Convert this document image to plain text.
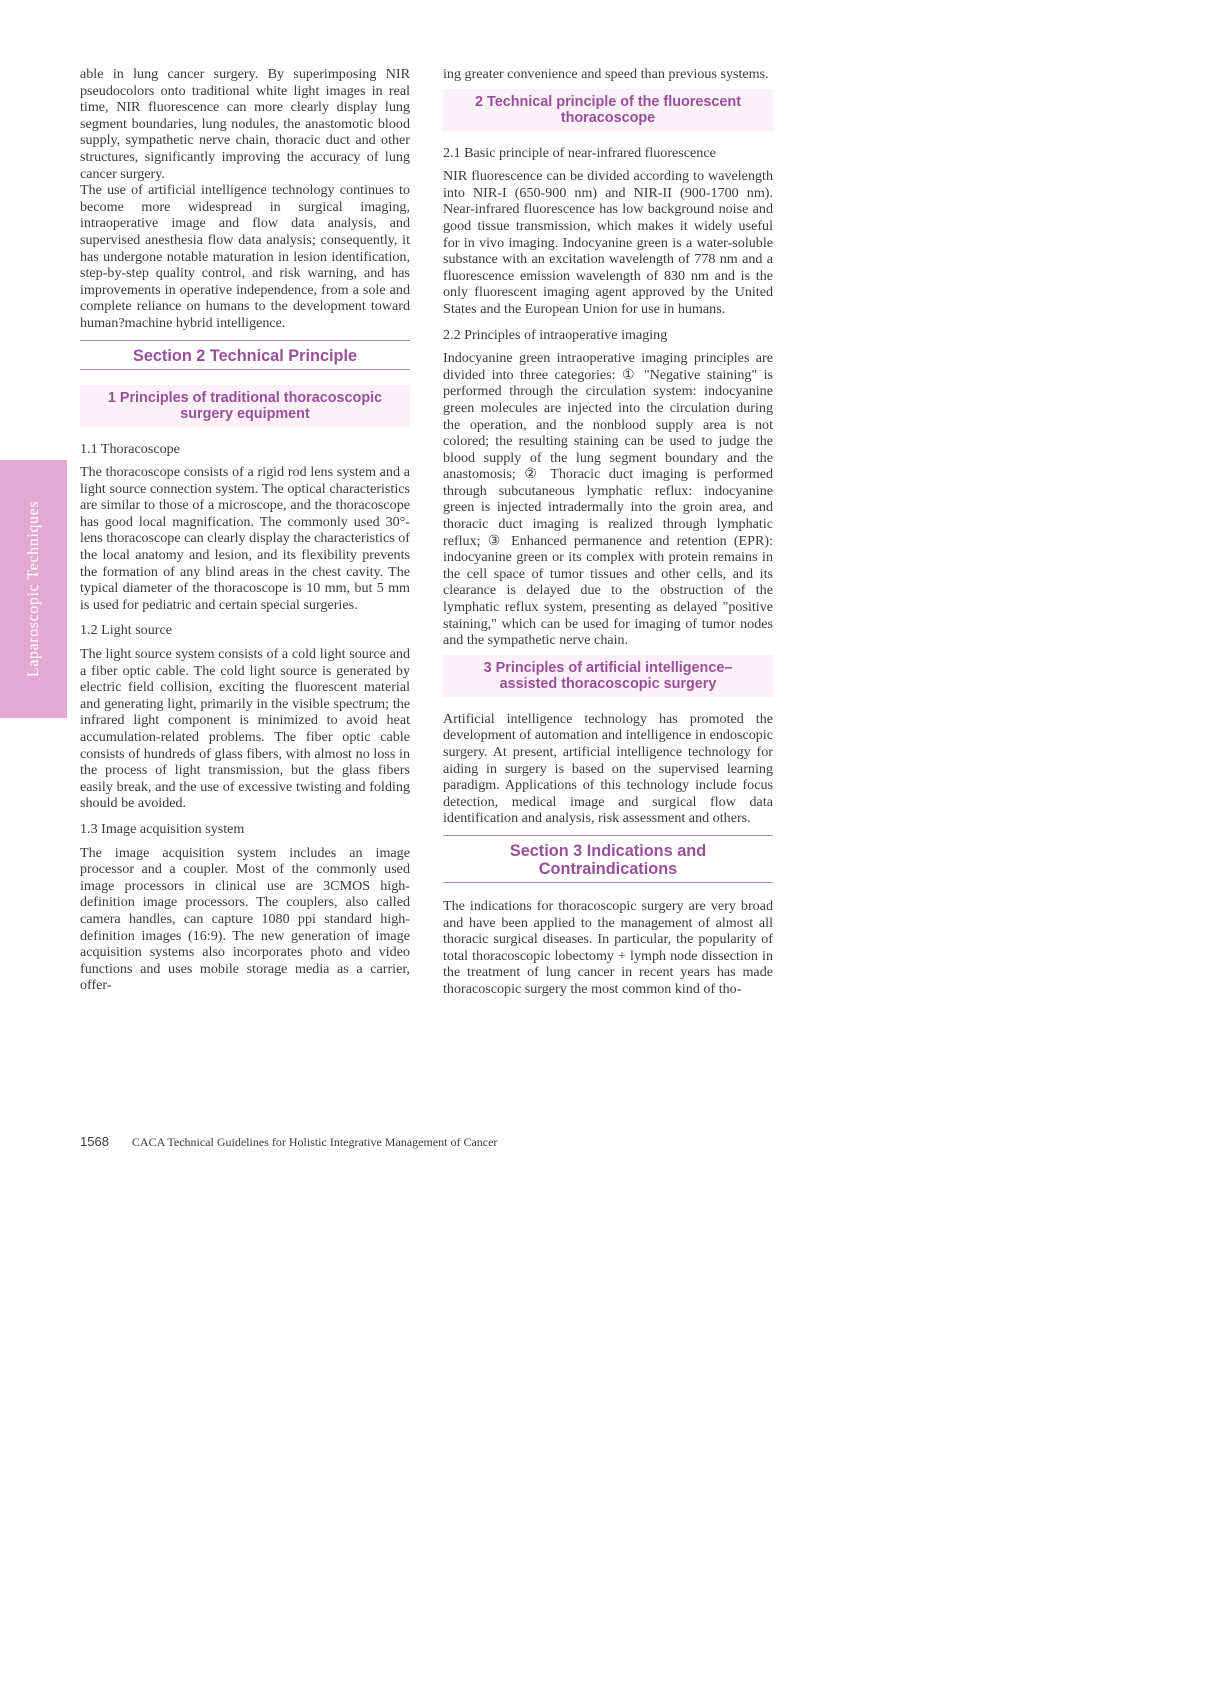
Laparoscopic Techniques

able in lung cancer surgery. By superimposing NIR pseudocolors onto traditional white light images in real time, NIR fluorescence can more clearly display lung segment boundaries, lung nodules, the anastomotic blood supply, sympathetic nerve chain, thoracic duct and other structures, significantly improving the accuracy of lung cancer surgery.

The use of artificial intelligence technology continues to become more widespread in surgical imaging, intraoperative image and flow data analysis, and supervised anesthesia flow data analysis; consequently, it has undergone notable maturation in lesion identification, step-by-step quality control, and risk warning, and has improvements in operative independence, from a sole and complete reliance on humans to the development toward human?machine hybrid intelligence.

Section 2 Technical Principle
1 Principles of traditional thoracoscopic surgery equipment
1.1 Thoracoscope

The thoracoscope consists of a rigid rod lens system and a light source connection system. The optical characteristics are similar to those of a microscope, and the thoracoscope has good local magnification. The commonly used 30°-lens thoracoscope can clearly display the characteristics of the local anatomy and lesion, and its flexibility prevents the formation of any blind areas in the chest cavity. The typical diameter of the thoracoscope is 10 mm, but 5 mm is used for pediatric and certain special surgeries.

1.2 Light source

The light source system consists of a cold light source and a fiber optic cable. The cold light source is generated by electric field collision, exciting the fluorescent material and generating light, primarily in the visible spectrum; the infrared light component is minimized to avoid heat accumulation-related problems. The fiber optic cable consists of hundreds of glass fibers, with almost no loss in the process of light transmission, but the glass fibers easily break, and the use of excessive twisting and folding should be avoided.

1.3 Image acquisition system

The image acquisition system includes an image processor and a coupler. Most of the commonly used image processors in clinical use are 3CMOS high-definition image processors. The couplers, also called camera handles, can capture 1080 ppi standard high-definition images (16:9). The new generation of image acquisition systems also incorporates photo and video functions and uses mobile storage media as a carrier, offer-

ing greater convenience and speed than previous systems.

2 Technical principle of the fluorescent thoracoscope
2.1 Basic principle of near-infrared fluorescence

NIR fluorescence can be divided according to wavelength into NIR-I (650-900 nm) and NIR-II (900-1700 nm). Near-infrared fluorescence has low background noise and good tissue transmission, which makes it widely useful for in vivo imaging. Indocyanine green is a water-soluble substance with an excitation wavelength of 778 nm and a fluorescence emission wavelength of 830 nm and is the only fluorescent imaging agent approved by the United States and the European Union for use in humans.

2.2 Principles of intraoperative imaging

Indocyanine green intraoperative imaging principles are divided into three categories: ① "Negative staining" is performed through the circulation system: indocyanine green molecules are injected into the circulation during the operation, and the nonblood supply area is not colored; the resulting staining can be used to judge the blood supply of the lung segment boundary and the anastomosis; ② Thoracic duct imaging is performed through subcutaneous lymphatic reflux: indocyanine green is injected intradermally into the groin area, and thoracic duct imaging is realized through lymphatic reflux; ③ Enhanced permanence and retention (EPR): indocyanine green or its complex with protein remains in the cell space of tumor tissues and other cells, and its clearance is delayed due to the obstruction of the lymphatic reflux system, presenting as delayed "positive staining," which can be used for imaging of tumor nodes and the sympathetic nerve chain.

3 Principles of artificial intelligence–assisted thoracoscopic surgery

Artificial intelligence technology has promoted the development of automation and intelligence in endoscopic surgery. At present, artificial intelligence technology for aiding in surgery is based on the supervised learning paradigm. Applications of this technology include focus detection, medical image and surgical flow data identification and analysis, risk assessment and others.

Section 3 Indications and Contraindications

The indications for thoracoscopic surgery are very broad and have been applied to the management of almost all thoracic surgical diseases. In particular, the popularity of total thoracoscopic lobectomy + lymph node dissection in the treatment of lung cancer in recent years has made thoracoscopic surgery the most common kind of tho-

1568 CACA Technical Guidelines for Holistic Integrative Management of Cancer
